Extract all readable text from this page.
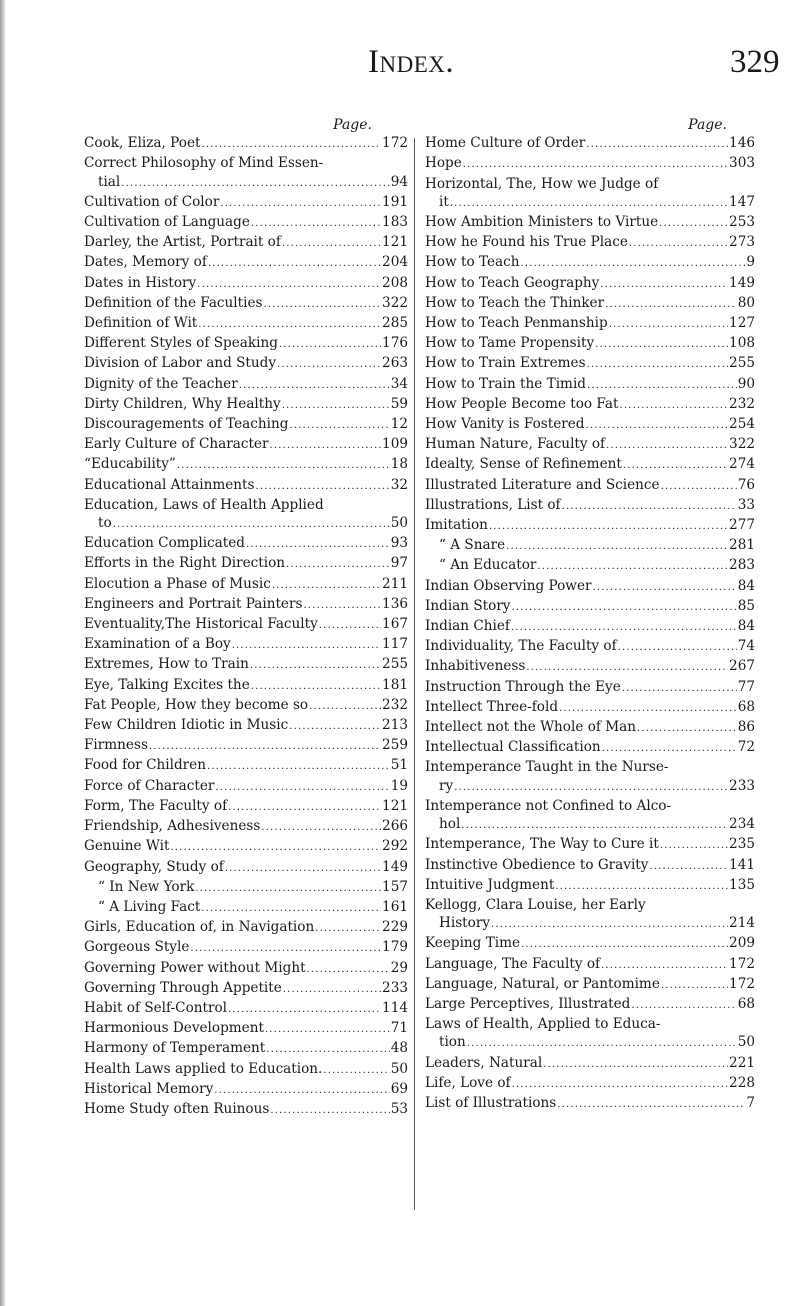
Index.	329
Page.
Cook, Eliza, Poet . . .	172
Correct Philosophy of Mind Essen-
tial . . .	94
Cultivation of Color . . .	191
Cultivation of Language . . .	183
Darley, the Artist, Portrait of . . .	121
Dates, Memory of . . .	204
Dates in History . . .	208
Definition of the Faculties . . .	322
Definition of Wit . . .	285
Different Styles of Speaking . . .	176
Division of Labor and Study . . .	263
Dignity of the Teacher . . .	34
Dirty Children, Why Healthy . . .	59
Discouragements of Teaching . . .	12
Early Culture of Character . . .	109
“Educability” . . .	18
Educational Attainments . . .	32
Education, Laws of Health Applied
to . . .	50
Education Complicated . . .	93
Efforts in the Right Direction . . .	97
Elocution a Phase of Music . . .	211
Engineers and Portrait Painters . . .	136
Eventuality,The Historical Faculty . . .	167
Examination of a Boy . . .	117
Extremes, How to Train . . .	255
Eye, Talking Excites the . . .	181
Fat People, How they become so . . .	232
Few Children Idiotic in Music . . .	213
Firmness . . .	259
Food for Children . . .	51
Force of Character . . .	19
Form, The Faculty of . . .	121
Friendship, Adhesiveness . . .	266
Genuine Wit . . .	292
Geography, Study of . . .	149
“ In New York . . .	157
“ A Living Fact . . .	161
Girls, Education of, in Navigation . . .	229
Gorgeous Style . . .	179
Governing Power without Might . . .	29
Governing Through Appetite . . .	233
Habit of Self-Control . . .	114
Harmonious Development . . .	71
Harmony of Temperament . . .	48
Health Laws applied to Education. . . .	50
Historical Memory . . .	69
Home Study often Ruinous . . .	53
Page.
Home Culture of Order . . .	146
Hope . . .	303
Horizontal, The, How we Judge of
it . . .	147
How Ambition Ministers to Virtue . . .	253
How he Found his True Place . . .	273
How to Teach . . .	9
How to Teach Geography . . .	149
How to Teach the Thinker . . .	80
How to Teach Penmanship . . .	127
How to Tame Propensity . . .	108
How to Train Extremes . . .	255
How to Train the Timid . . .	90
How People Become too Fat . . .	232
How Vanity is Fostered . . .	254
Human Nature, Faculty of . . .	322
Idealty, Sense of Refinement . . .	274
Illustrated Literature and Science . . .	76
Illustrations, List of . . .	33
Imitation . . .	277
“ A Snare . . .	281
“ An Educator . . .	283
Indian Observing Power . . .	84
Indian Story . . .	85
Indian Chief . . .	84
Individuality, The Faculty of . . .	74
Inhabitiveness . . .	267
Instruction Through the Eye . . .	77
Intellect Three-fold . . .	68
Intellect not the Whole of Man . . .	86
Intellectual Classification . . .	72
Intemperance Taught in the Nurse-
ry . . .	233
Intemperance not Confined to Alco-
hol . . .	234
Intemperance, The Way to Cure it . . .	235
Instinctive Obedience to Gravity . . .	141
Intuitive Judgment . . .	135
Kellogg, Clara Louise, her Early
History . . .	214
Keeping Time . . .	209
Language, The Faculty of . . .	172
Language, Natural, or Pantomime . . .	172
Large Perceptives, Illustrated . . .	68
Laws of Health, Applied to Educa-
tion . . .	50
Leaders, Natural . . .	221
Life, Love of . . .	228
List of Illustrations . . .	7
